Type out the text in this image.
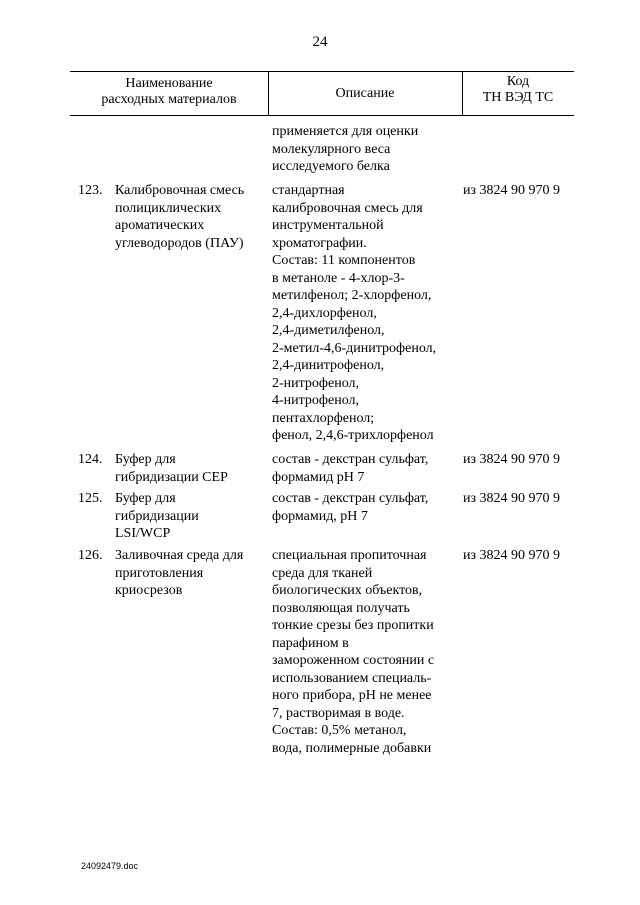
24
Наименование
расходных материалов	Описание
Код
ТН ВЭД ТС
применяется для оценки
молекулярного веса
исследуемого белка
123. Калибровочная смесь
полициклических
ароматических
углеводородов (ПАУ)
стандартная
калибровочная смесь для
инструментальной
хроматографии.
Состав: 11 компонентов
в метаноле - 4-хлор-3-
метилфенол; 2-хлорфенол,
2,4-дихлорфенол,
2,4-диметилфенол,
2-метил-4,6-динитрофенол,
2,4-динитрофенол,
2-нитрофенол,
4-нитрофенол,
пентахлорфенол;
фенол, 2,4,6-трихлорфенол
из 3824 90 970 9
124. Буфер для
гибридизации CEP
состав - декстран сульфат,
формамид pH 7
из 3824 90 970 9
125. Буфер для
гибридизации
LSI/WCP
состав - декстран сульфат,
формамид, pH 7
из 3824 90 970 9
126. Заливочная среда для
приготовления
криосрезов
специальная пропиточная
среда для тканей
биологических объектов,
позволяющая получать
тонкие срезы без пропитки
парафином в
замороженном состоянии с
использованием специаль-
ного прибора, pH не менее
7, растворимая в воде.
Состав: 0,5% метанол,
вода, полимерные добавки
из 3824 90 970 9
24092479.doc
